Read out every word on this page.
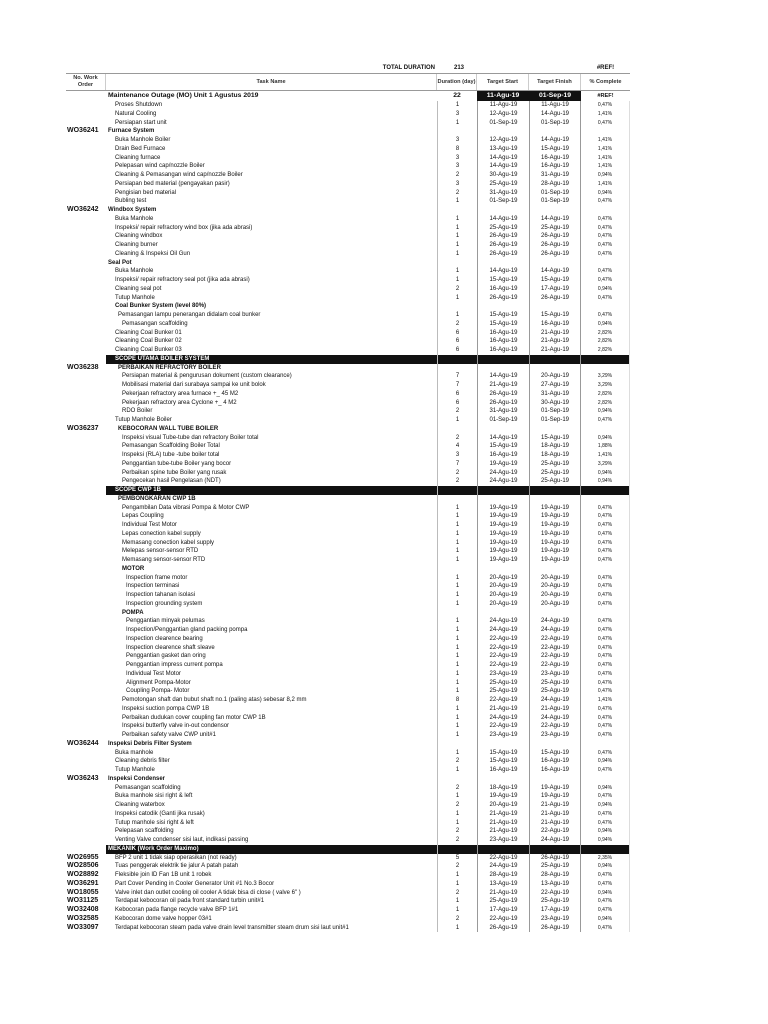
TOTAL DURATION	213	#REF!
No. Work Order
Task Name	Duration (day)	Target Start	Target Finish	% Complete
Maintenance Outage (MO) Unit 1 Agustus 2019	22	11-Agu-19	01-Sep-19	#REF!
Proses Shutdown	1	11-Agu-19	11-Agu-19	0,47%
Natural Cooling	3	12-Agu-19	14-Agu-19	1,41%
Persiapan start unit	1	01-Sep-19	01-Sep-19	0,47%
WO36241	Furnace System
Buka Manhole Boiler	3	12-Agu-19	14-Agu-19	1,41%
Drain Bed Furnace	8	13-Agu-19	15-Agu-19	1,41%
Cleaning furnace	3	14-Agu-19	16-Agu-19	1,41%
Pelepasan wind cap/nozzle Boiler	3	14-Agu-19	16-Agu-19	1,41%
Cleaning & Pemasangan wind cap/nozzle Boiler	2	30-Agu-19	31-Agu-19	0,94%
Persiapan bed material (pengayakan pasir)	3	25-Agu-19	28-Agu-19	1,41%
Pengisian bed material	2	31-Agu-19	01-Sep-19	0,94%
Bubling test	1	01-Sep-19	01-Sep-19	0,47%
WO36242	Windbox System
Buka Manhole	1	14-Agu-19	14-Agu-19	0,47%
Inspeksi/ repair refractory wind box (jika ada abrasi)	1	25-Agu-19	25-Agu-19	0,47%
Cleaning windbox	1	26-Agu-19	26-Agu-19	0,47%
Cleaning burner	1	26-Agu-19	26-Agu-19	0,47%
Cleaning & Inspeksi Oil Gun	1	26-Agu-19	26-Agu-19	0,47%
Seal Pot
Buka Manhole	1	14-Agu-19	14-Agu-19	0,47%
Inspeksi/ repair refractory seal pot (jika ada abrasi)	1	15-Agu-19	15-Agu-19	0,47%
Cleaning seal pot	2	16-Agu-19	17-Agu-19	0,94%
Tutup Manhole	1	26-Agu-19	26-Agu-19	0,47%
Coal Bunker System (level 80%)
Pemasangan lampu penerangan didalam coal bunker	1	15-Agu-19	15-Agu-19	0,47%
Pemasangan scaffolding	2	15-Agu-19	16-Agu-19	0,94%
Cleaning Coal Bunker 01	6	16-Agu-19	21-Agu-19	2,82%
Cleaning Coal Bunker 02	6	16-Agu-19	21-Agu-19	2,82%
Cleaning Coal Bunker 03	6	16-Agu-19	21-Agu-19	2,82%
SCOPE UTAMA BOILER SYSTEM
WO36238	PERBAIKAN REFRACTORY BOILER
Persiapan material & pengurusan dokument (custom clearance)	7	14-Agu-19	20-Agu-19	3,29%
Mobilisasi material dari surabaya sampai ke unit bolok	7	21-Agu-19	27-Agu-19	3,29%
Pekerjaan refractory area furnace +_ 45 M2	6	26-Agu-19	31-Agu-19	2,82%
Pekerjaan refractory area Cyclone +_ 4 M2	6	26-Agu-19	30-Agu-19	2,82%
RDO Boiler	2	31-Agu-19	01-Sep-19	0,94%
Tutup Manhole Boiler	1	01-Sep-19	01-Sep-19	0,47%
WO36237	KEBOCORAN WALL TUBE BOILER
Inspeksi visual Tube-tube dan refractory Boiler total	2	14-Agu-19	15-Agu-19	0,94%
Pemasangan Scaffolding Boiler Total	4	15-Agu-19	18-Agu-19	1,88%
Inspeksi (RLA) tube -tube boiler total	3	16-Agu-19	18-Agu-19	1,41%
Penggantian tube-tube Boiler yang bocor	7	19-Agu-19	25-Agu-19	3,29%
Perbaikan spine tube Boiler yang rusak	2	24-Agu-19	25-Agu-19	0,94%
Pengecekan hasil Pengelasan (NDT)	2	24-Agu-19	25-Agu-19	0,94%
SCOPE CWP 1B
PEMBONGKARAN CWP 1B
Pengambilan Data vibrasi Pompa & Motor CWP	1	19-Agu-19	19-Agu-19	0,47%
Lepas Coupling	1	19-Agu-19	19-Agu-19	0,47%
Individual Test Motor	1	19-Agu-19	19-Agu-19	0,47%
Lepas conection kabel supply	1	19-Agu-19	19-Agu-19	0,47%
Memasang conection kabel supply	1	19-Agu-19	19-Agu-19	0,47%
Melepas sensor-sensor RTD	1	19-Agu-19	19-Agu-19	0,47%
Memasang sensor-sensor RTD	1	19-Agu-19	19-Agu-19	0,47%
MOTOR
Inspection frame motor	1	20-Agu-19	20-Agu-19	0,47%
Inspection terminasi	1	20-Agu-19	20-Agu-19	0,47%
Inspection tahanan isolasi	1	20-Agu-19	20-Agu-19	0,47%
Inspection grounding system	1	20-Agu-19	20-Agu-19	0,47%
POMPA
Penggantian minyak pelumas	1	24-Agu-19	24-Agu-19	0,47%
Inspection/Penggantian gland packing pompa	1	24-Agu-19	24-Agu-19	0,47%
Inspection clearence bearing	1	22-Agu-19	22-Agu-19	0,47%
Inspection clearence shaft sleave	1	22-Agu-19	22-Agu-19	0,47%
Penggantian gasket dan oring	1	22-Agu-19	22-Agu-19	0,47%
Penggantian impress current pompa	1	22-Agu-19	22-Agu-19	0,47%
Individual Test Motor	1	23-Agu-19	23-Agu-19	0,47%
Alignment Pompa-Motor	1	25-Agu-19	25-Agu-19	0,47%
Coupling Pompa- Motor	1	25-Agu-19	25-Agu-19	0,47%
Pemotongan shaft dan bubut shaft no.1 (paling atas) sebesar 8,2 mm	8	22-Agu-19	24-Agu-19	1,41%
Inspeksi suction pompa CWP 1B	1	21-Agu-19	21-Agu-19	0,47%
Perbaikan dudukan cover coupling fan motor CWP 1B	1	24-Agu-19	24-Agu-19	0,47%
Inspeksi butterfly valve in-out condensor	1	22-Agu-19	22-Agu-19	0,47%
Perbaikan safety valve CWP unit#1	1	23-Agu-19	23-Agu-19	0,47%
WO36244	Inspeksi Debris Filter System
Buka manhole	1	15-Agu-19	15-Agu-19	0,47%
Cleaning debris filter	2	15-Agu-19	16-Agu-19	0,94%
Tutup Manhole	1	16-Agu-19	16-Agu-19	0,47%
WO36243	Inspeksi Condenser
Pemasangan scaffolding	2	18-Agu-19	19-Agu-19	0,94%
Buka manhole sisi right & left	1	19-Agu-19	19-Agu-19	0,47%
Cleaning waterbox	2	20-Agu-19	21-Agu-19	0,94%
Inspeksi catodik (Ganti jika rusak)	1	21-Agu-19	21-Agu-19	0,47%
Tutup manhole sisi right & left	1	21-Agu-19	21-Agu-19	0,47%
Pelepasan scaffolding	2	21-Agu-19	22-Agu-19	0,94%
Venting Valve condenser sisi laut, indikasi passing	2	23-Agu-19	24-Agu-19	0,94%
MEKANIK (Work Order Maximo)
WO26955	BFP 2 unit 1 tidak siap operasikan (not ready)	5	22-Agu-19	26-Agu-19	2,35%
WO28506	Tuas penggerak elektrik tie jalur A patah patah	2	24-Agu-19	25-Agu-19	0,94%
WO28892	Fleksible join ID Fan 1B unit 1 robek	1	28-Agu-19	28-Agu-19	0,47%
WO36291	Part Cover Pending in Cooler Generator Unit #1 No.3 Bocor	1	13-Agu-19	13-Agu-19	0,47%
WO18055	Valve inlet dan outlet cooling oil cooler A tidak bisa di close ( valve 6" )	2	21-Agu-19	22-Agu-19	0,94%
WO31125	Terdapat kebocoran oil pada front standard turbin unit#1	1	25-Agu-19	25-Agu-19	0,47%
WO32408	Kebocoran pada flange recycle valve BFP 1#1	1	17-Agu-19	17-Agu-19	0,47%
WO32585	Kebocoran dome valve hopper 03#1	2	22-Agu-19	23-Agu-19	0,94%
WO33097	Terdapat kebocoran steam pada valve drain level transmitter steam drum sisi laut unit#1	1	26-Agu-19	26-Agu-19	0,47%
